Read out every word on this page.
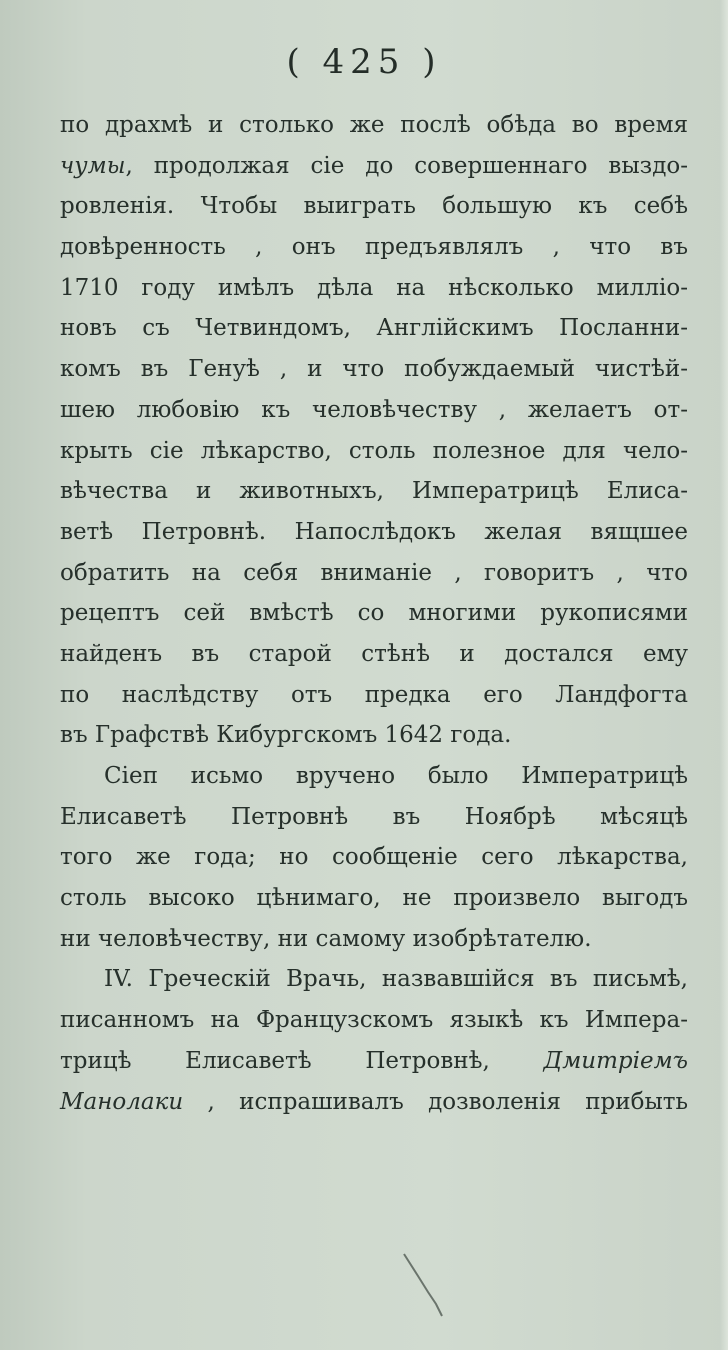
( 425 )
по драхмѣ и столько же послѣ обѣда во время
чумы, продолжая сіе до совершеннаго выздо-
ровленія. Чтобы выиграть большую къ себѣ
довѣренность , онъ предъявлялъ , что въ
1710 году имѣлъ дѣла на нѣсколько милліо-
новъ съ Четвиндомъ, Англійскимъ Посланни-
комъ въ Генуѣ , и что побуждаемый чистѣй-
шею любовію къ человѣчеству , желаетъ от-
крыть сіе лѣкарство, столь полезное для чело-
вѣчества и животныхъ, Императрицѣ Елиса-
ветѣ Петровнѣ. Напослѣдокъ желая вящшее
обратить на себя вниманіе , говоритъ , что
рецептъ сей вмѣстѣ со многими рукописями
найденъ въ старой стѣнѣ и достался ему
по наслѣдству отъ предка его Ландфогта
въ Графствѣ Кибургскомъ 1642 года.
Сіеп исьмо вручено было Императрицѣ
Елисаветѣ Петровнѣ въ Ноябрѣ мѣсяцѣ
того же года; но сообщеніе сего лѣкарства,
столь высоко цѣнимаго, не произвело выгодъ
ни человѣчеству, ни самому изобрѣтателю.
IV. Греческій Врачь, назвавшійся въ письмѣ,
писанномъ на Французскомъ языкѣ къ Импера-
трицѣ Елисаветѣ Петровнѣ, Дмитріемъ
Манолаки , испрашивалъ дозволенія прибыть
